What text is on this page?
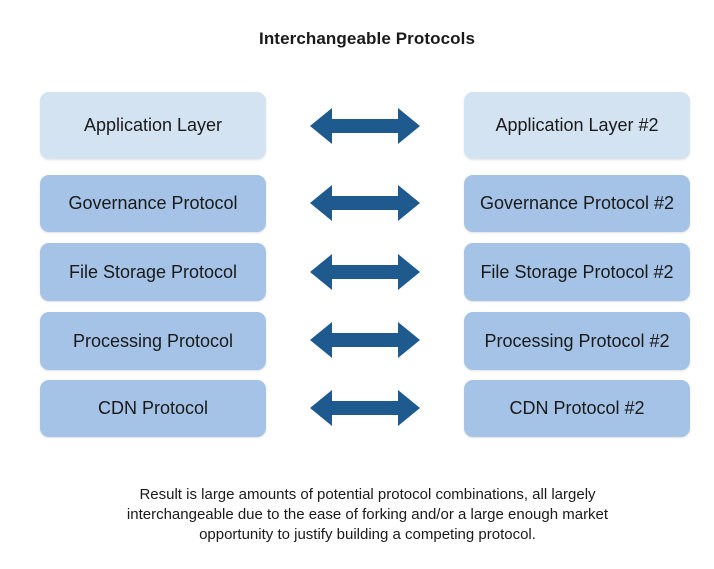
Interchangeable Protocols
Application Layer	Application Layer #2
Governance Protocol	Governance Protocol #2
File Storage Protocol	File Storage Protocol #2
Processing Protocol	Processing Protocol #2
CDN Protocol	CDN Protocol #2
Result is large amounts of potential protocol combinations, all largely
interchangeable due to the ease of forking and/or a large enough market
opportunity to justify building a competing protocol.
